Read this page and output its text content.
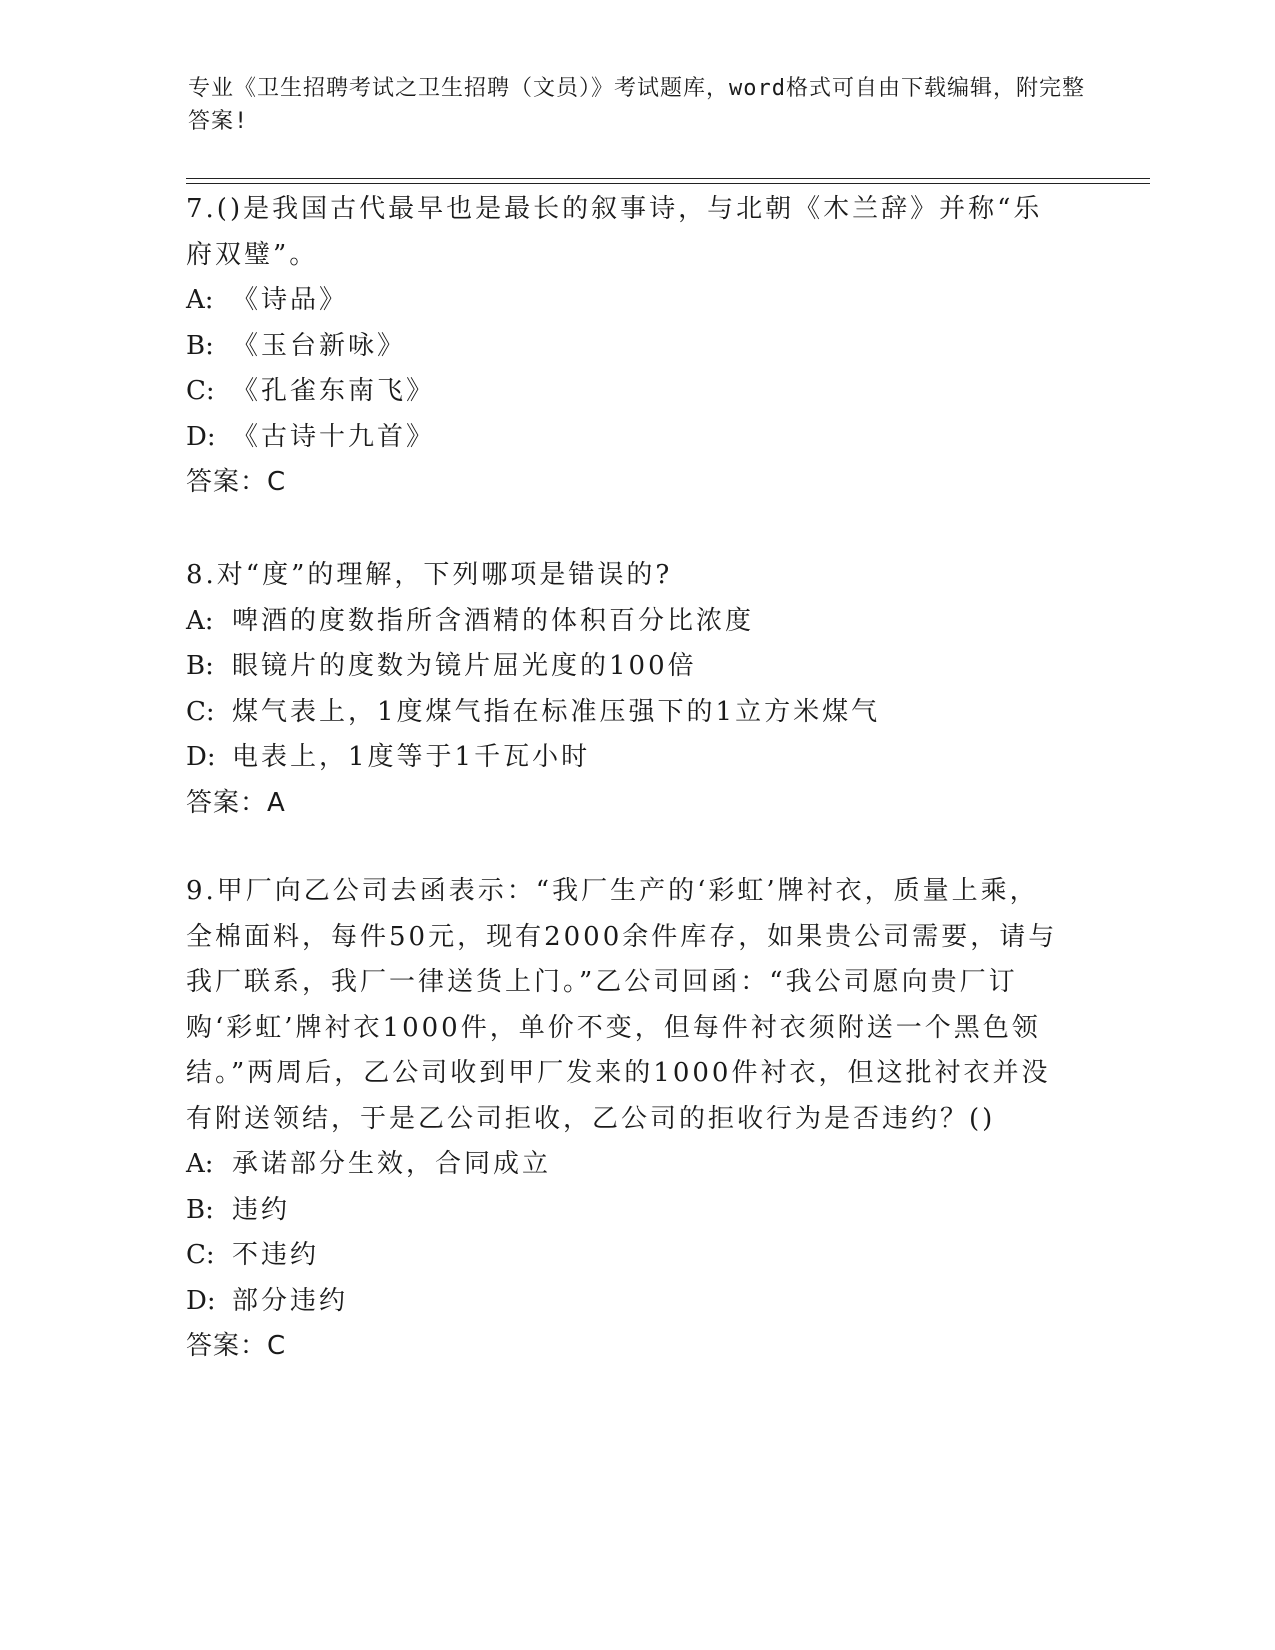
专业《卫生招聘考试之卫生招聘（文员）》考试题库，word格式可自由下载编辑，附完整答案!

7.()是我国古代最早也是最长的叙事诗，与北朝《木兰辞》并称“乐府双璧”。

A: 《诗品》

B: 《玉台新咏》

C: 《孔雀东南飞》

D: 《古诗十九首》

答案：C

8.对“度”的理解，下列哪项是错误的?

A: 啤酒的度数指所含酒精的体积百分比浓度

B: 眼镜片的度数为镜片屈光度的100倍

C: 煤气表上，1度煤气指在标准压强下的1立方米煤气

D: 电表上，1度等于1千瓦小时

答案：A

9.甲厂向乙公司去函表示：“我厂生产的‘彩虹’牌衬衣，质量上乘，全棉面料，每件50元，现有2000余件库存，如果贵公司需要，请与我厂联系，我厂一律送货上门。”乙公司回函：“我公司愿向贵厂订购‘彩虹’牌衬衣1000件，单价不变，但每件衬衣须附送一个黑色领结。”两周后，乙公司收到甲厂发来的1000件衬衣，但这批衬衣并没有附送领结，于是乙公司拒收，乙公司的拒收行为是否违约？()

A: 承诺部分生效，合同成立

B: 违约

C: 不违约

D: 部分违约

答案：C
